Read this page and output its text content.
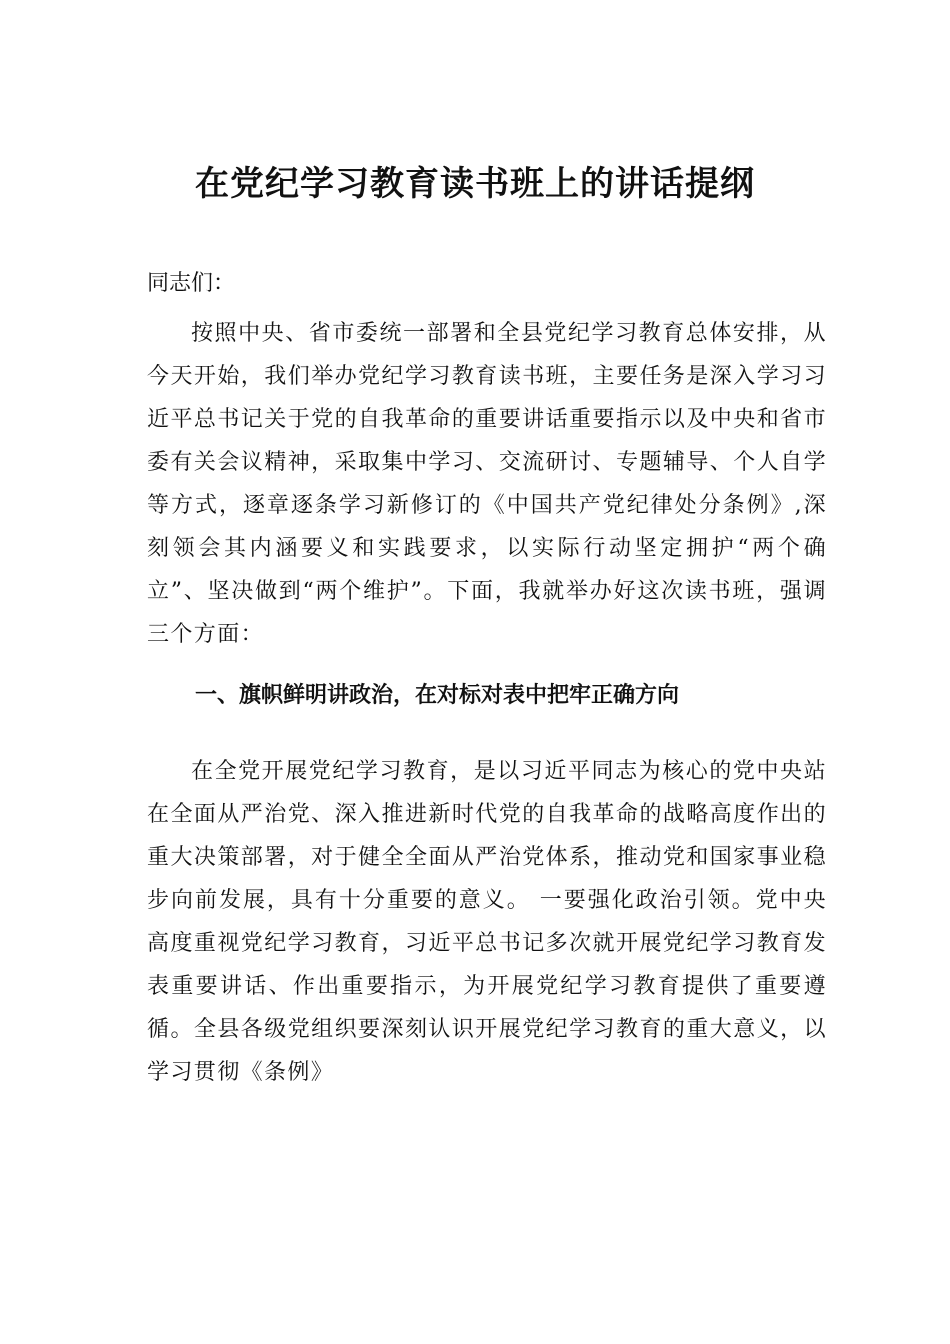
在党纪学习教育读书班上的讲话提纲

同志们：

按照中央、省市委统一部署和全县党纪学习教育总体安排，从今天开始，我们举办党纪学习教育读书班，主要任务是深入学习习近平总书记关于党的自我革命的重要讲话重要指示以及中央和省市委有关会议精神，采取集中学习、交流研讨、专题辅导、个人自学等方式，逐章逐条学习新修订的《中国共产党纪律处分条例》,深刻领会其内涵要义和实践要求，以实际行动坚定拥护“两个确立”、坚决做到“两个维护”。下面，我就举办好这次读书班，强调三个方面：

一、旗帜鲜明讲政治，在对标对表中把牢正确方向

在全党开展党纪学习教育，是以习近平同志为核心的党中央站在全面从严治党、深入推进新时代党的自我革命的战略高度作出的重大决策部署，对于健全全面从严治党体系，推动党和国家事业稳步向前发展，具有十分重要的意义。 一要强化政治引领。党中央高度重视党纪学习教育，习近平总书记多次就开展党纪学习教育发表重要讲话、作出重要指示，为开展党纪学习教育提供了重要遵循。全县各级党组织要深刻认识开展党纪学习教育的重大意义，以学习贯彻《条例》
